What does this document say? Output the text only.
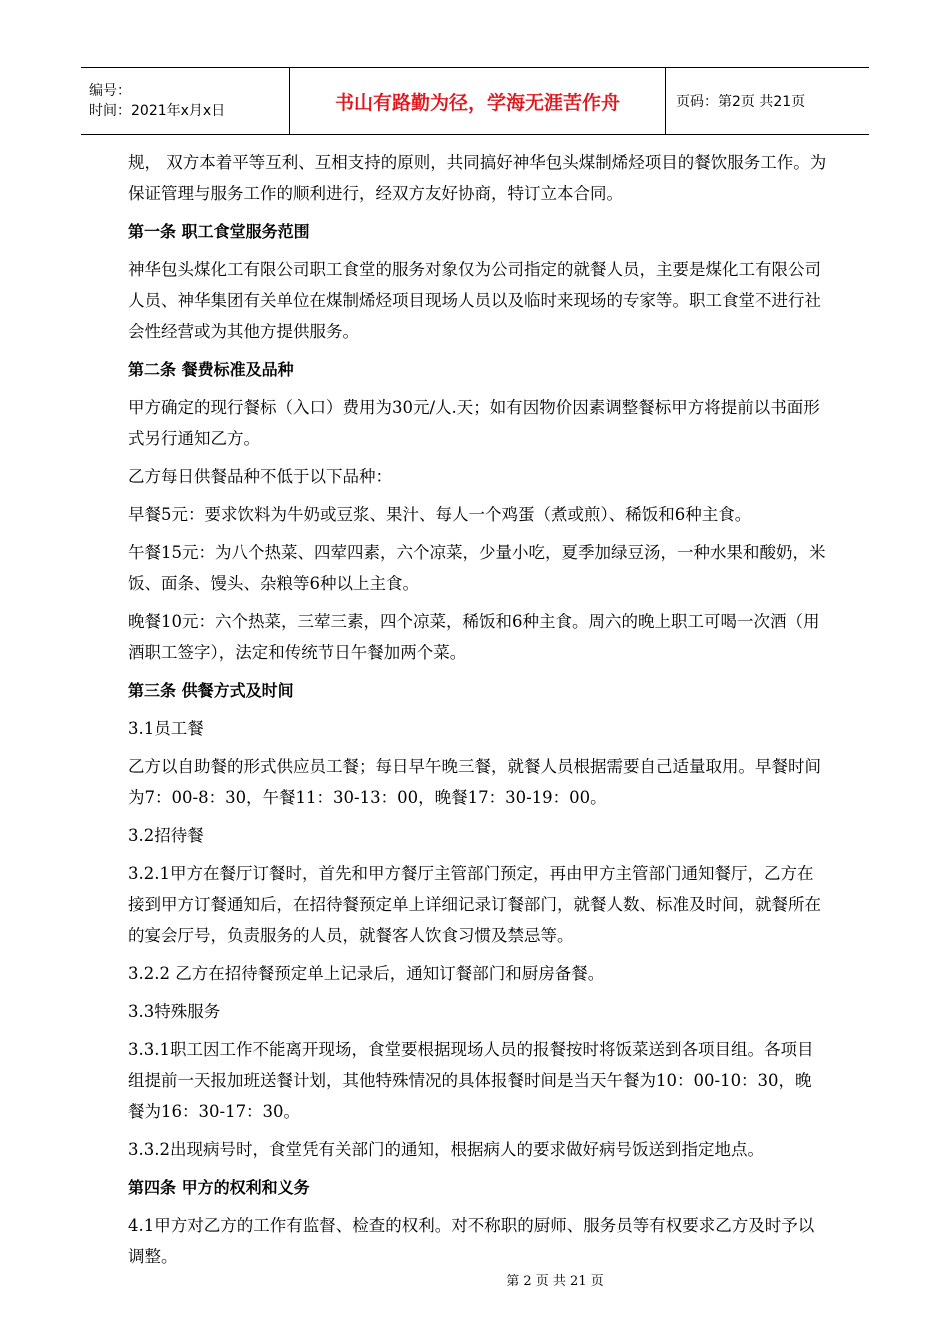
编号：
时间：2021年x月x日	书山有路勤为径，学海无涯苦作舟	页码：第2页 共21页

规， 双方本着平等互利、互相支持的原则，共同搞好神华包头煤制烯烃项目的餐饮服务工作。为保证管理与服务工作的顺利进行，经双方友好协商，特订立本合同。

第一条 职工食堂服务范围

神华包头煤化工有限公司职工食堂的服务对象仅为公司指定的就餐人员，主要是煤化工有限公司人员、神华集团有关单位在煤制烯烃项目现场人员以及临时来现场的专家等。职工食堂不进行社会性经营或为其他方提供服务。

第二条 餐费标准及品种

甲方确定的现行餐标（入口）费用为30元/人.天；如有因物价因素调整餐标甲方将提前以书面形式另行通知乙方。

乙方每日供餐品种不低于以下品种：

早餐5元：要求饮料为牛奶或豆浆、果汁、每人一个鸡蛋（煮或煎）、稀饭和6种主食。

午餐15元：为八个热菜、四荤四素，六个凉菜，少量小吃，夏季加绿豆汤，一种水果和酸奶，米饭、面条、馒头、杂粮等6种以上主食。

晚餐10元：六个热菜，三荤三素，四个凉菜，稀饭和6种主食。周六的晚上职工可喝一次酒（用酒职工签字），法定和传统节日午餐加两个菜。

第三条 供餐方式及时间

3.1员工餐

乙方以自助餐的形式供应员工餐；每日早午晚三餐，就餐人员根据需要自己适量取用。早餐时间为7：00-8：30，午餐11：30-13：00，晚餐17：30-19：00。

3.2招待餐

3.2.1甲方在餐厅订餐时，首先和甲方餐厅主管部门预定，再由甲方主管部门通知餐厅，乙方在接到甲方订餐通知后，在招待餐预定单上详细记录订餐部门，就餐人数、标准及时间，就餐所在的宴会厅号，负责服务的人员，就餐客人饮食习惯及禁忌等。

3.2.2 乙方在招待餐预定单上记录后，通知订餐部门和厨房备餐。

3.3特殊服务

3.3.1职工因工作不能离开现场，食堂要根据现场人员的报餐按时将饭菜送到各项目组。各项目组提前一天报加班送餐计划，其他特殊情况的具体报餐时间是当天午餐为10：00-10：30，晚餐为16：30-17：30。

3.3.2出现病号时，食堂凭有关部门的通知，根据病人的要求做好病号饭送到指定地点。

第四条 甲方的权利和义务

4.1甲方对乙方的工作有监督、检查的权利。对不称职的厨师、服务员等有权要求乙方及时予以调整。

第 2 页 共 21 页
